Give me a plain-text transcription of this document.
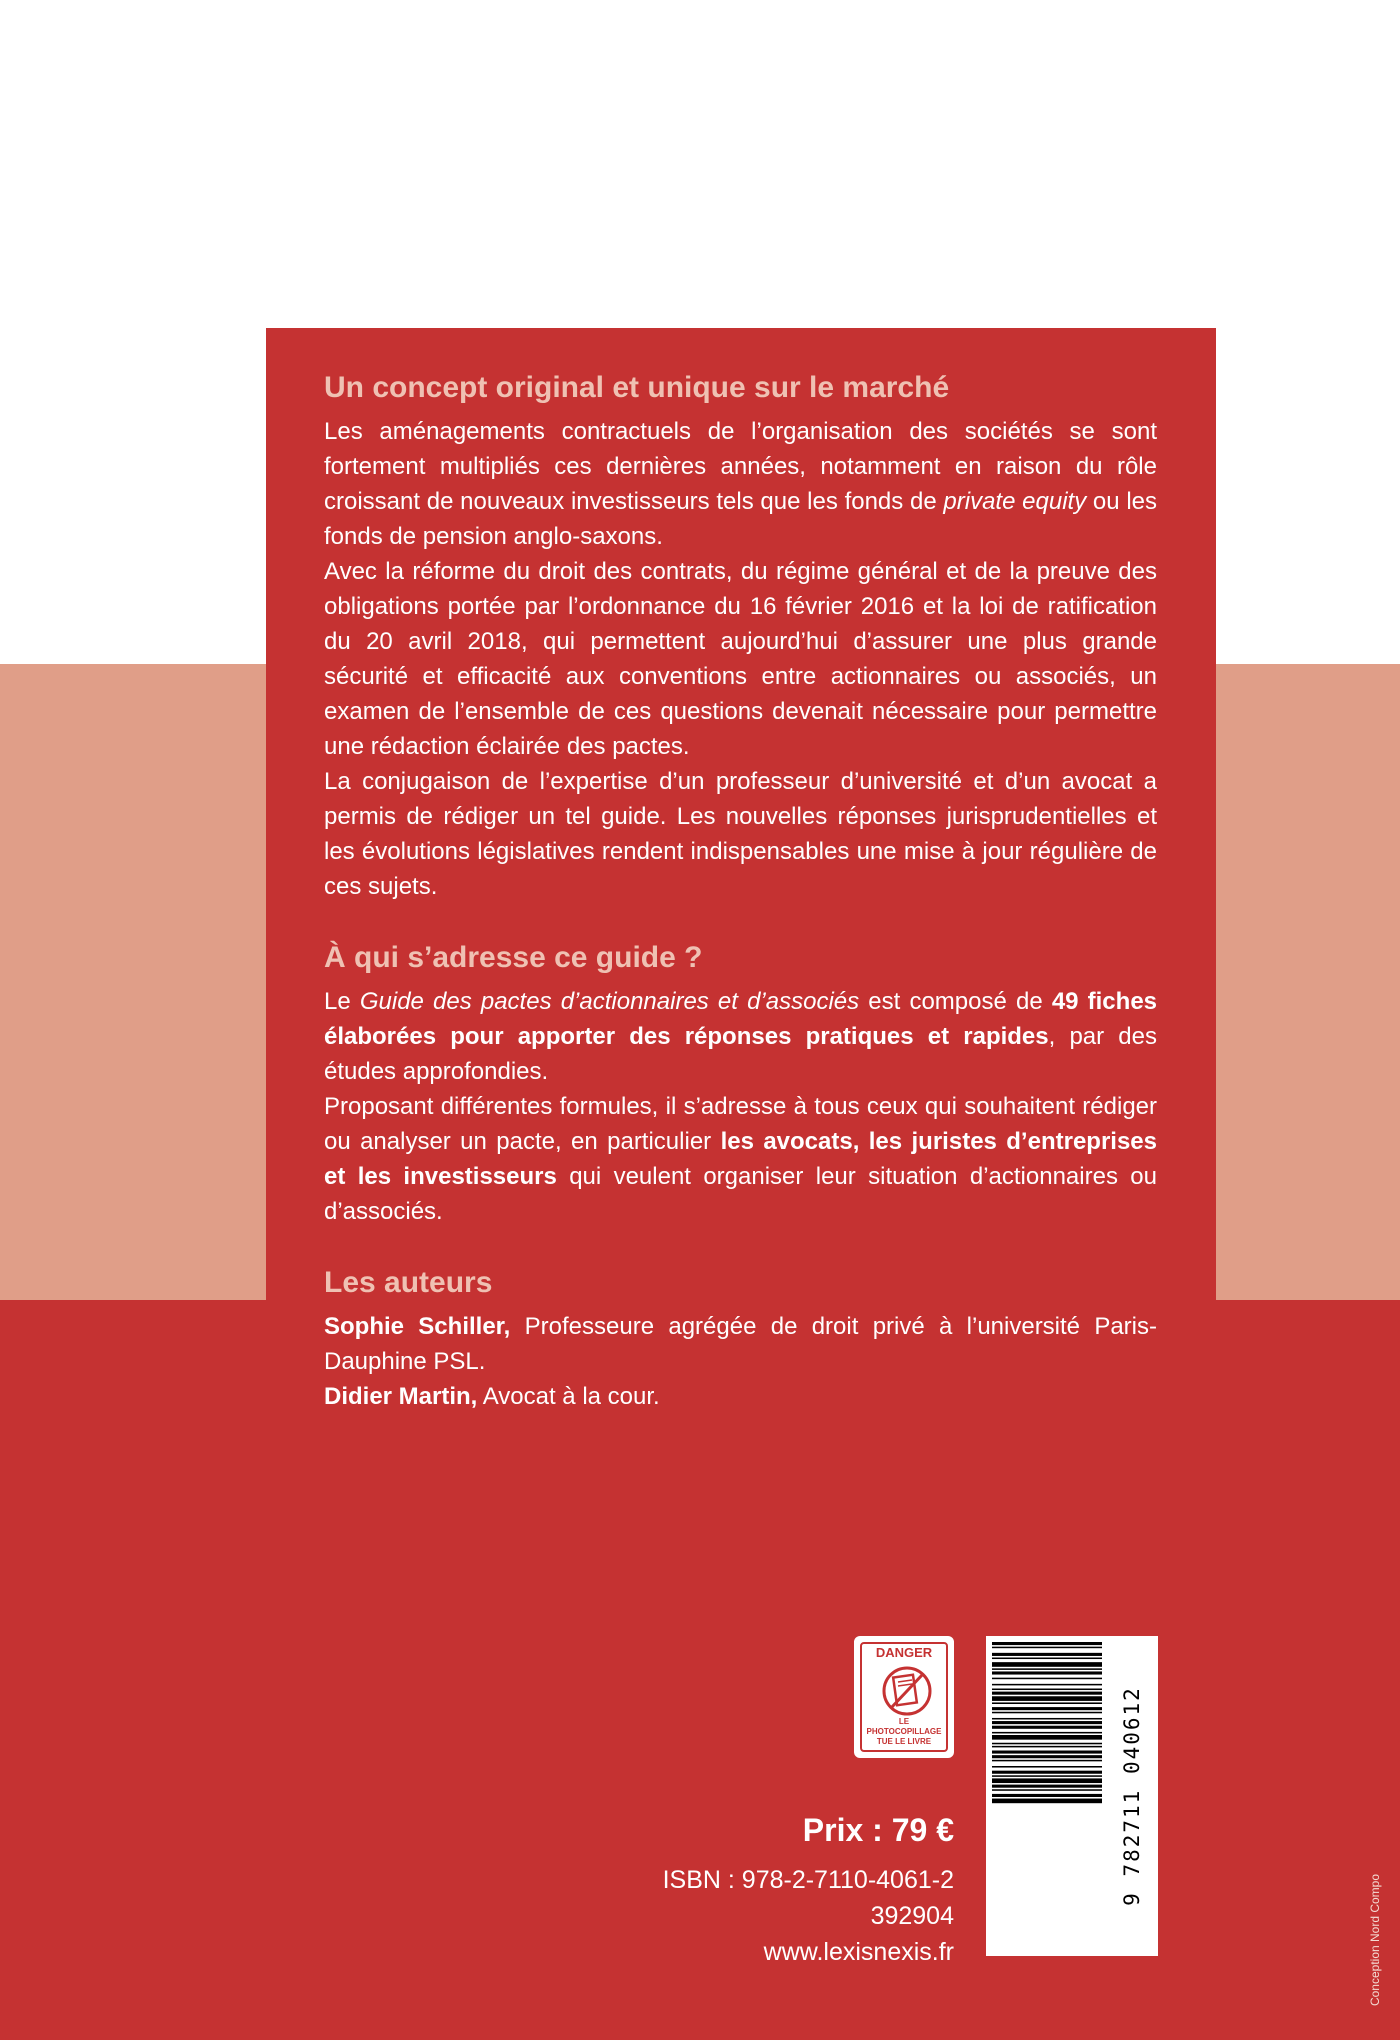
Un concept original et unique sur le marché

Les aménagements contractuels de l’organisation des sociétés se sont fortement multipliés ces dernières années, notamment en raison du rôle croissant de nouveaux investisseurs tels que les fonds de private equity ou les fonds de pension anglo-saxons.

Avec la réforme du droit des contrats, du régime général et de la preuve des obligations portée par l’ordonnance du 16 février 2016 et la loi de ratification du 20 avril 2018, qui permettent aujourd’hui d’assurer une plus grande sécurité et efficacité aux conventions entre actionnaires ou associés, un examen de l’ensemble de ces questions devenait nécessaire pour permettre une rédaction éclairée des pactes.

La conjugaison de l’expertise d’un professeur d’université et d’un avocat a permis de rédiger un tel guide. Les nouvelles réponses jurisprudentielles et les évolutions législatives rendent indispensables une mise à jour régulière de ces sujets.

À qui s’adresse ce guide ?

Le Guide des pactes d’actionnaires et d’associés est composé de 49 fiches élaborées pour apporter des réponses pratiques et rapides, par des études approfondies.

Proposant différentes formules, il s’adresse à tous ceux qui souhaitent rédiger ou analyser un pacte, en particulier les avocats, les juristes d’entreprises et les investisseurs qui veulent organiser leur situation d’actionnaires ou d’associés.

Les auteurs

Sophie Schiller, Professeure agrégée de droit privé à l’université Paris-Dauphine PSL.

Didier Martin, Avocat à la cour.

DANGER
LE
PHOTOCOPILLAGE
TUE LE LIVRE
Prix : 79 €
ISBN : 978-2-7110-4061-2
392904
www.lexisnexis.fr
9 782711 040612
Conception Nord Compo
